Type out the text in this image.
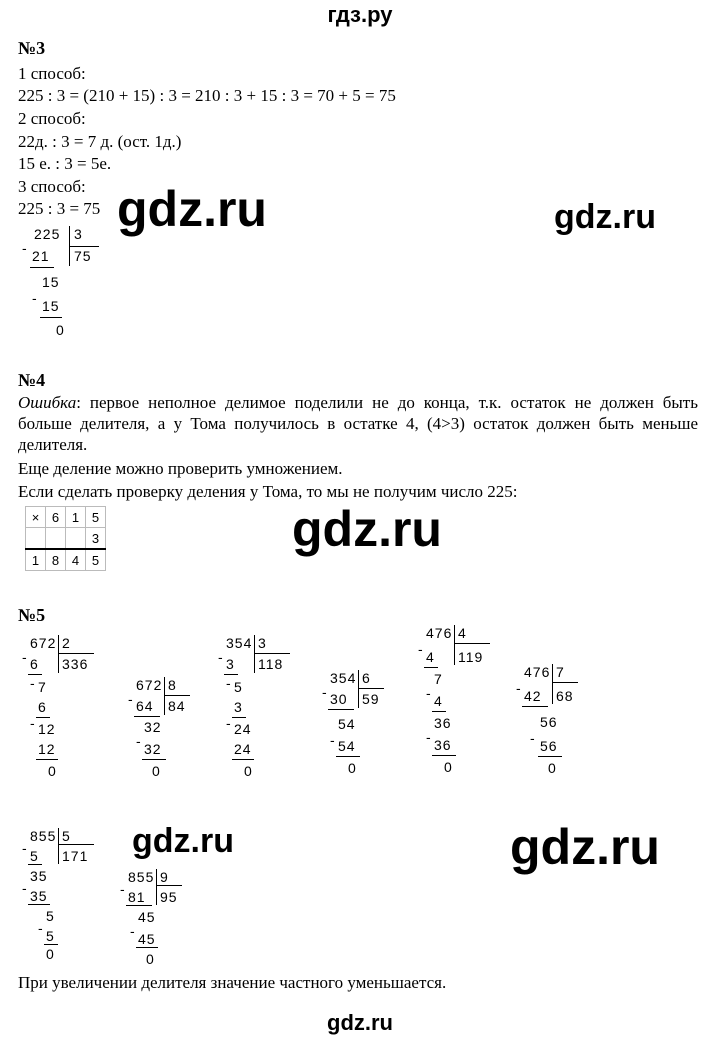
гдз.ру
№3
1 способ:
225 : 3 = (210 + 15) : 3 = 210 : 3 + 15 : 3 = 70 + 5 = 75
2 способ:
22д. : 3 = 7 д. (ост. 1д.)
15 е. : 3 = 5е.
3 способ:
225 : 3 = 75 gdz.ru	gdz.ru
225 3
75
- 21
15
- 15
0
№4
Ошибка: первое неполное делимое поделили не до конца, т.к. остаток не должен быть больше делителя, а у Тома получилось в остатке 4, (4>3) остаток должен быть меньше делителя.
Еще деление можно проверить умножением.
Если сделать проверку деления у Тома, то мы не получим число 225:
×	6	1	5
			3
1	8	4	5
gdz.ru
№5
672 2
336
- 6
- 7
6
- 12
12
0
672 8
84
- 64
32
- 32
0
354 3
118
- 3
- 5
3
- 24
24
0
354 6
59
- 30
54
- 54
0
476 4
119
- 4
7
- 4
36
- 36
0
476 7
68
- 42
56
- 56
0
855 5
171
- 5
35
- 35
5
- 5
0
855 9
95
- 81
45
- 45
0
gdz.ru	gdz.ru
При увеличении делителя значение частного уменьшается.
gdz.ru
